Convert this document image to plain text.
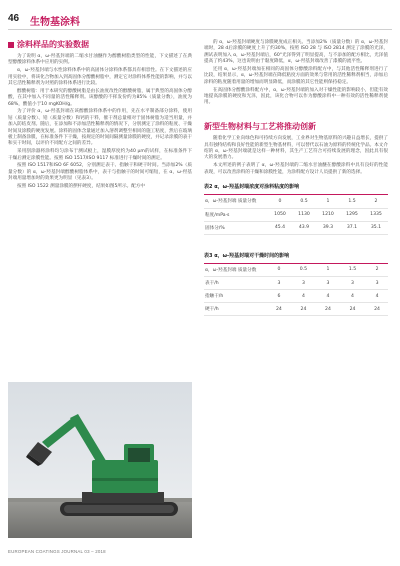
46 生物基涂料
涂料样品的实验数据

为了说明 α，ω-羟基封端的二缩水甘油醚作为醇酸树脂类型的性能，下文描述了在典型醇酸涂料体系中应用的实例。

α，ω-羟基封端与水性涂料体系中的高固体分涂料体系都具有相容性。在下文描述的应用实验中，将该化合物加入到高固体分醇酸树脂中，测定它对涂料体系性能的影响，并与以其它活性稀释剂为对照的涂料体系进行比较。

醇酸树脂：用于本研究的醇酸树脂是由长油度改性的醇酸树脂，属于典型的高固体分醇酸，在其中加入不同量的活性稀释剂。该醇酸的不挥发份约为85%（质量分数），油度为68%，酸值小于10 mgKOH/g。

为了评价 α，ω-羟基封端在该醇酸涂料体系中的作用，先在水平制备部分涂料，使用钴（质量分数）、锆（质量分数）和钙的干料，催干剂总量相对于固体树脂为适当用量，并加入防结皮剂。随后，在添加和不添加活性稀释剂的情况下，分别测定了涂料的粘度、干燥时间及涂膜的硬度发展。涂料的固体含量通过加入溶剂调整至相同的施工粘度，然后在玻璃板上制备涂膜，在标准条件下干燥，按规定的时间间隔测量涂膜的硬度，并记录涂膜的表干和实干时间，以评价不同配方之间的差异。

采用刮涂器将涂料均匀涂布于测试板上，湿膜厚度约为40 μm的试样，在标准条件下干燥后测定涂膜性能。按照 ISO 1517/ISO 9117 标准进行干燥时间的测定。

按照 ISO 1517和ISO 6F 6052，分别测定表干、指触干和硬干时间。当添加2%（质量分数）的 α，ω-羟基封端醇酸树脂体系中，表干与指触干的时间可缩短，在 α，ω-羟基封端用量增加时的效果更为明显（见表3）。

按照 ISO 1522 测量涂膜的摆杆硬度，结果如图5所示。配方中

的 α，ω-羟基封端硬度与涂膜硬度成正相关。当添加2%（质量分数）的 α，ω-羟基封端时，28 d后涂膜的硬度上升了约30%，按照 ISO 28 与 ISO 2814 测定了涂膜的光泽，测试表明加入 α，ω-羟基封端后，60°光泽得到了明显提高，与不添加的配方相比，光泽值提高了约43%，这也说明由于黏度降低，α，ω-羟基封端改善了漆膜的流平性。

还用 α，ω-羟基封端加在相同的高固体分醇酸涂料配方中，与其他活性稀释剂进行了比较，结果显示，α，ω-羟基封端在降低粘度方面的效果与常用的活性稀释剂相当，添加后涂料的粘度随着用量的增加而明显降低，而涂膜的其它性能则保持稳定。

在高固体分醇酸涂料配方中，α，ω-羟基封端的加入对干燥性能的影响较小，但能有效地提高涂膜的硬度和光泽，因此，该化合物可以作为醇酸涂料中一种有效的活性稀释剂使用。

新型生物材料与工艺将推动创新

随着化学工业向绿色和可持续方向发展，工业界对生物基原料的兴趣日益增长，提供了具有独特结构和良好性能的新型生物基材料，可以替代以石油为原料的传统化学品。本文介绍的 α，ω-羟基封端就是这样一种材料，其生产工艺符合可持续发展的理念，因此具有很大的发展潜力。

本文所述的例子表明了 α，ω-羟基封端的二缩水甘油醚在醇酸涂料中具有良好的性能表现，可以改善涂料的干燥和涂膜性能，为涂料配方设计人员提供了新的选择。

表2 α，ω-羟基封端浓度对涂料粘度的影响
α，ω-羟基封端 质量分数	0	0.5	1	1.5	2
粘度/mPa·s	1050	1130	1210	1295	1335
固体分/%	45.4	43.9	39.3	37.1	35.1
表3 α，ω-羟基封端对干燥时间的影响
α，ω-羟基封端 质量分数	0	0.5	1	1.5	2
表干/h	3	3	3	3	3
指触干/h	6	4	4	4	4
硬干/h	24	24	24	24	24
EUROPEAN COATINGS JOURNAL 03 – 2018
